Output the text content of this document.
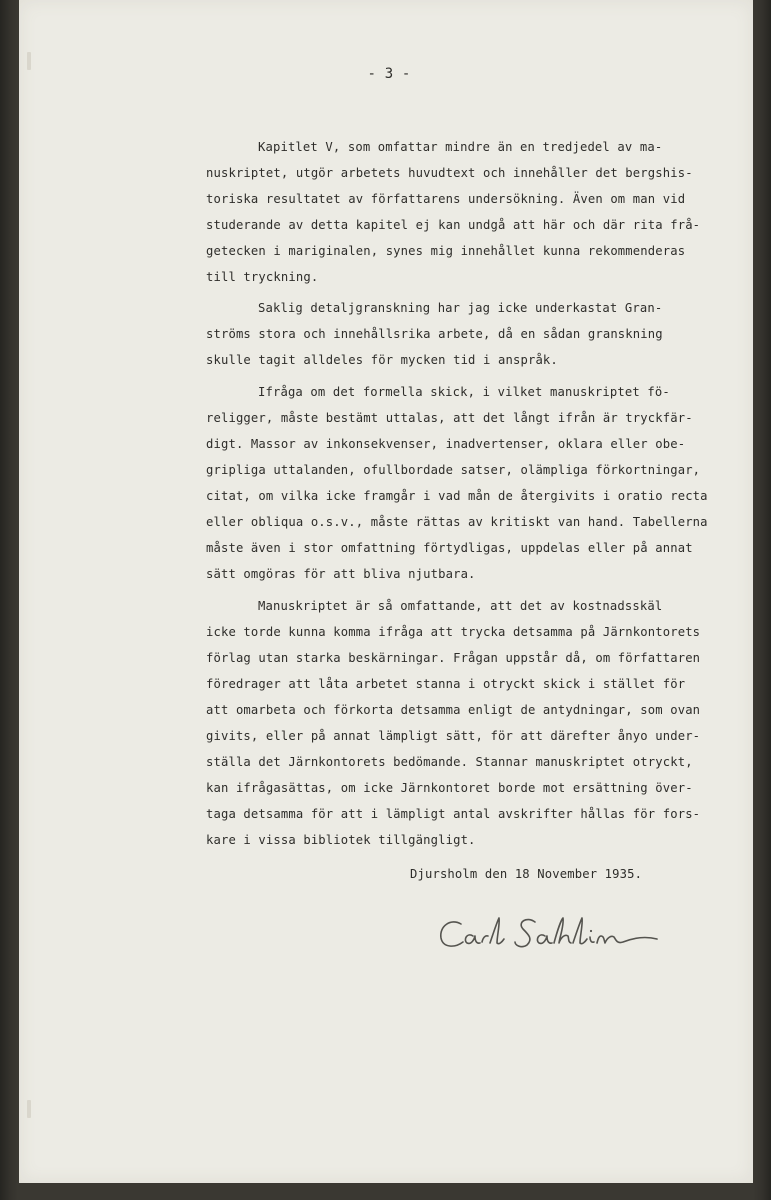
- 3 -
Kapitlet V, som omfattar mindre än en tredjedel av ma-
nuskriptet, utgör arbetets huvudtext och innehåller det bergshis-
toriska resultatet av författarens undersökning. Även om man vid
studerande av detta kapitel ej kan undgå att här och där rita frå-
getecken i mariginalen, synes mig innehållet kunna rekommenderas
till tryckning.
Saklig detaljgranskning har jag icke underkastat Gran-
ströms stora och innehållsrika arbete, då en sådan granskning
skulle tagit alldeles för mycken tid i anspråk.
Ifråga om det formella skick, i vilket manuskriptet fö-
religger, måste bestämt uttalas, att det långt ifrån är tryckfär-
digt. Massor av inkonsekvenser, inadvertenser, oklara eller obe-
gripliga uttalanden, ofullbordade satser, olämpliga förkortningar,
citat, om vilka icke framgår i vad mån de återgivits i oratio recta
eller obliqua o.s.v., måste rättas av kritiskt van hand. Tabellerna
måste även i stor omfattning förtydligas, uppdelas eller på annat
sätt omgöras för att bliva njutbara.
Manuskriptet är så omfattande, att det av kostnadsskäl
icke torde kunna komma ifråga att trycka detsamma på Järnkontorets
förlag utan starka beskärningar. Frågan uppstår då, om författaren
föredrager att låta arbetet stanna i otryckt skick i stället för
att omarbeta och förkorta detsamma enligt de antydningar, som ovan
givits, eller på annat lämpligt sätt, för att därefter ånyo under-
ställa det Järnkontorets bedömande. Stannar manuskriptet otryckt,
kan ifrågasättas, om icke Järnkontoret borde mot ersättning över-
taga detsamma för att i lämpligt antal avskrifter hållas för fors-
kare i vissa bibliotek tillgängligt.
Djursholm den 18 November 1935.
